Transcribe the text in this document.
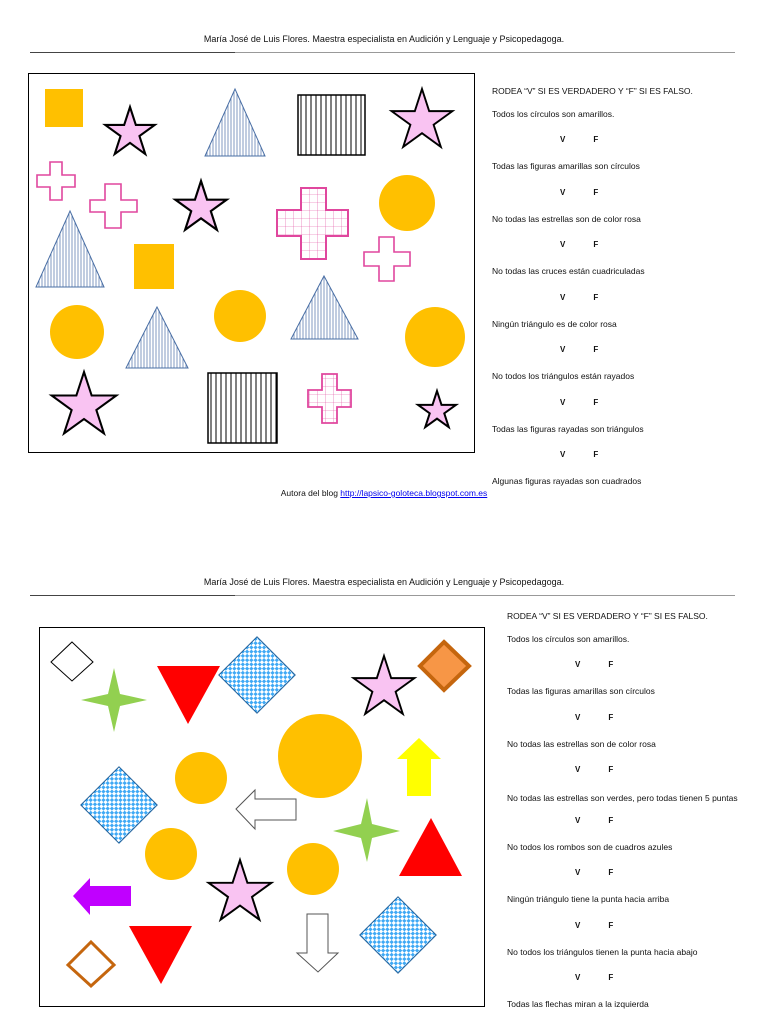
María José de Luis Flores. Maestra especialista en Audición y Lenguaje y Psicopedagoga.

RODEA “V” SI ES VERDADERO Y “F” SI ES FALSO.

Todos los círculos son amarillos.

V	F

Todas las figuras amarillas son círculos

V	F

No todas las estrellas son de color rosa

V	F

No todas las cruces están cuadriculadas

V	F

Ningún triángulo es de color rosa

V	F

No todos los triángulos están rayados

V	F

Todas las figuras rayadas son triángulos

V	F

Algunas figuras rayadas son cuadrados

Autora del blog http://lapsico-goloteca.blogspot.com.es
María José de Luis Flores. Maestra especialista en Audición y Lenguaje y Psicopedagoga.

RODEA “V” SI ES VERDADERO Y “F” SI ES FALSO.

Todos los círculos son amarillos.

V	F

Todas las figuras amarillas son círculos

V	F

No todas las estrellas son de color rosa

V	F

No todas las estrellas son verdes, pero todas tienen 5 puntas

V	F

No todos los rombos son de cuadros azules

V	F

Ningún triángulo tiene la punta hacia arriba

V	F

No todos los triángulos tienen la punta hacia abajo

V	F

Todas las flechas miran a la izquierda
